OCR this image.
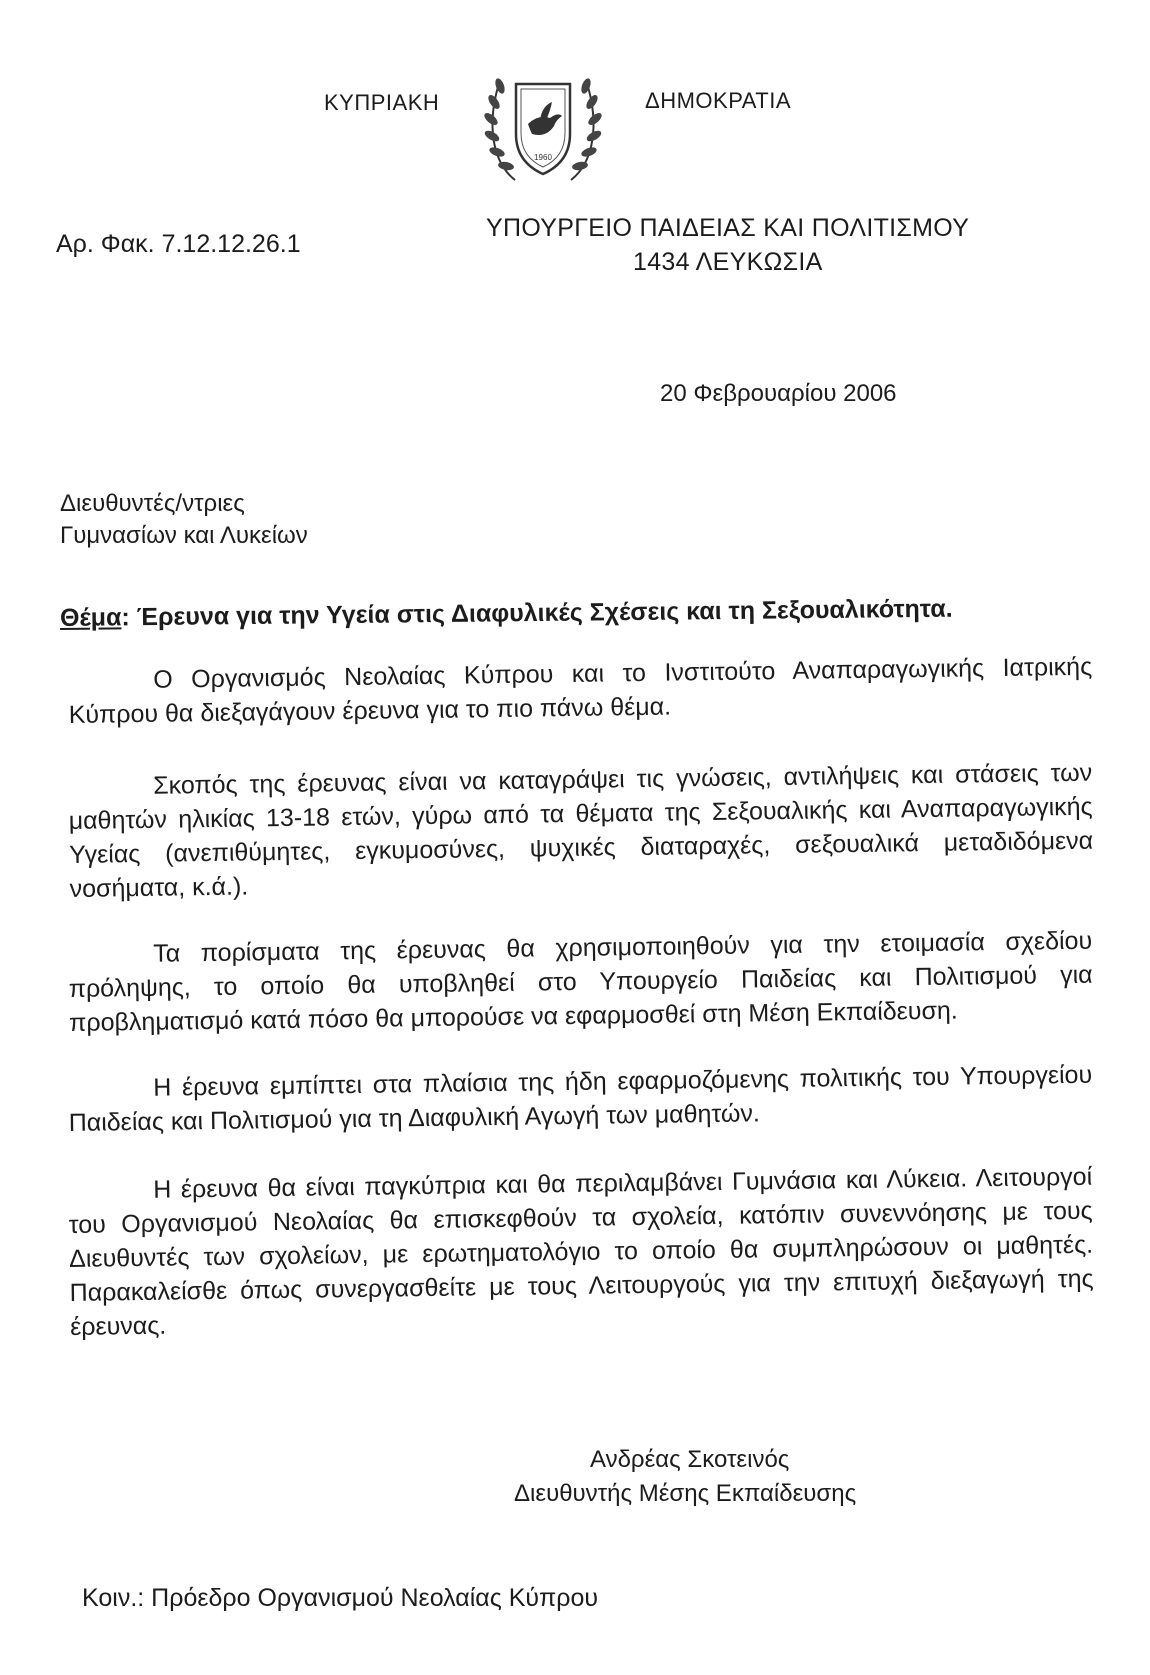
ΚΥΠΡΙΑΚΗ
1960
ΔΗΜΟΚΡΑΤΙΑ
Αρ. Φακ. 7.12.12.26.1
ΥΠΟΥΡΓΕΙΟ ΠΑΙΔΕΙΑΣ ΚΑΙ ΠΟΛΙΤΙΣΜΟΥ
1434 ΛΕΥΚΩΣΙΑ
20 Φεβρουαρίου 2006
Διευθυντές/ντριες
Γυμνασίων και Λυκείων
Θέμα: Έρευνα για την Υγεία στις Διαφυλικές Σχέσεις και τη Σεξουαλικότητα.
Ο Οργανισμός Νεολαίας Κύπρου και το Ινστιτούτο Αναπαραγωγικής Ιατρικής Κύπρου θα διεξαγάγουν έρευνα για το πιο πάνω θέμα.
Σκοπός της έρευνας είναι να καταγράψει τις γνώσεις, αντιλήψεις και στάσεις των μαθητών ηλικίας 13-18 ετών, γύρω από τα θέματα της Σεξουαλικής και Αναπαραγωγικής Υγείας (ανεπιθύμητες, εγκυμοσύνες, ψυχικές διαταραχές, σεξουαλικά μεταδιδόμενα νοσήματα, κ.ά.).
Τα πορίσματα της έρευνας θα χρησιμοποιηθούν για την ετοιμασία σχεδίου πρόληψης, το οποίο θα υποβληθεί στο Υπουργείο Παιδείας και Πολιτισμού για προβληματισμό κατά πόσο θα μπορούσε να εφαρμοσθεί στη Μέση Εκπαίδευση.
Η έρευνα εμπίπτει στα πλαίσια της ήδη εφαρμοζόμενης πολιτικής του Υπουργείου Παιδείας και Πολιτισμού για τη Διαφυλική Αγωγή των μαθητών.
Η έρευνα θα είναι παγκύπρια και θα περιλαμβάνει Γυμνάσια και Λύκεια. Λειτουργοί του Οργανισμού Νεολαίας θα επισκεφθούν τα σχολεία, κατόπιν συνεννόησης με τους Διευθυντές των σχολείων, με ερωτηματολόγιο το οποίο θα συμπληρώσουν οι μαθητές. Παρακαλείσθε όπως συνεργασθείτε με τους Λειτουργούς για την επιτυχή διεξαγωγή της έρευνας.
Ανδρέας Σκοτεινός
Διευθυντής Μέσης Εκπαίδευσης
Κοιν.: Πρόεδρο Οργανισμού Νεολαίας Κύπρου
